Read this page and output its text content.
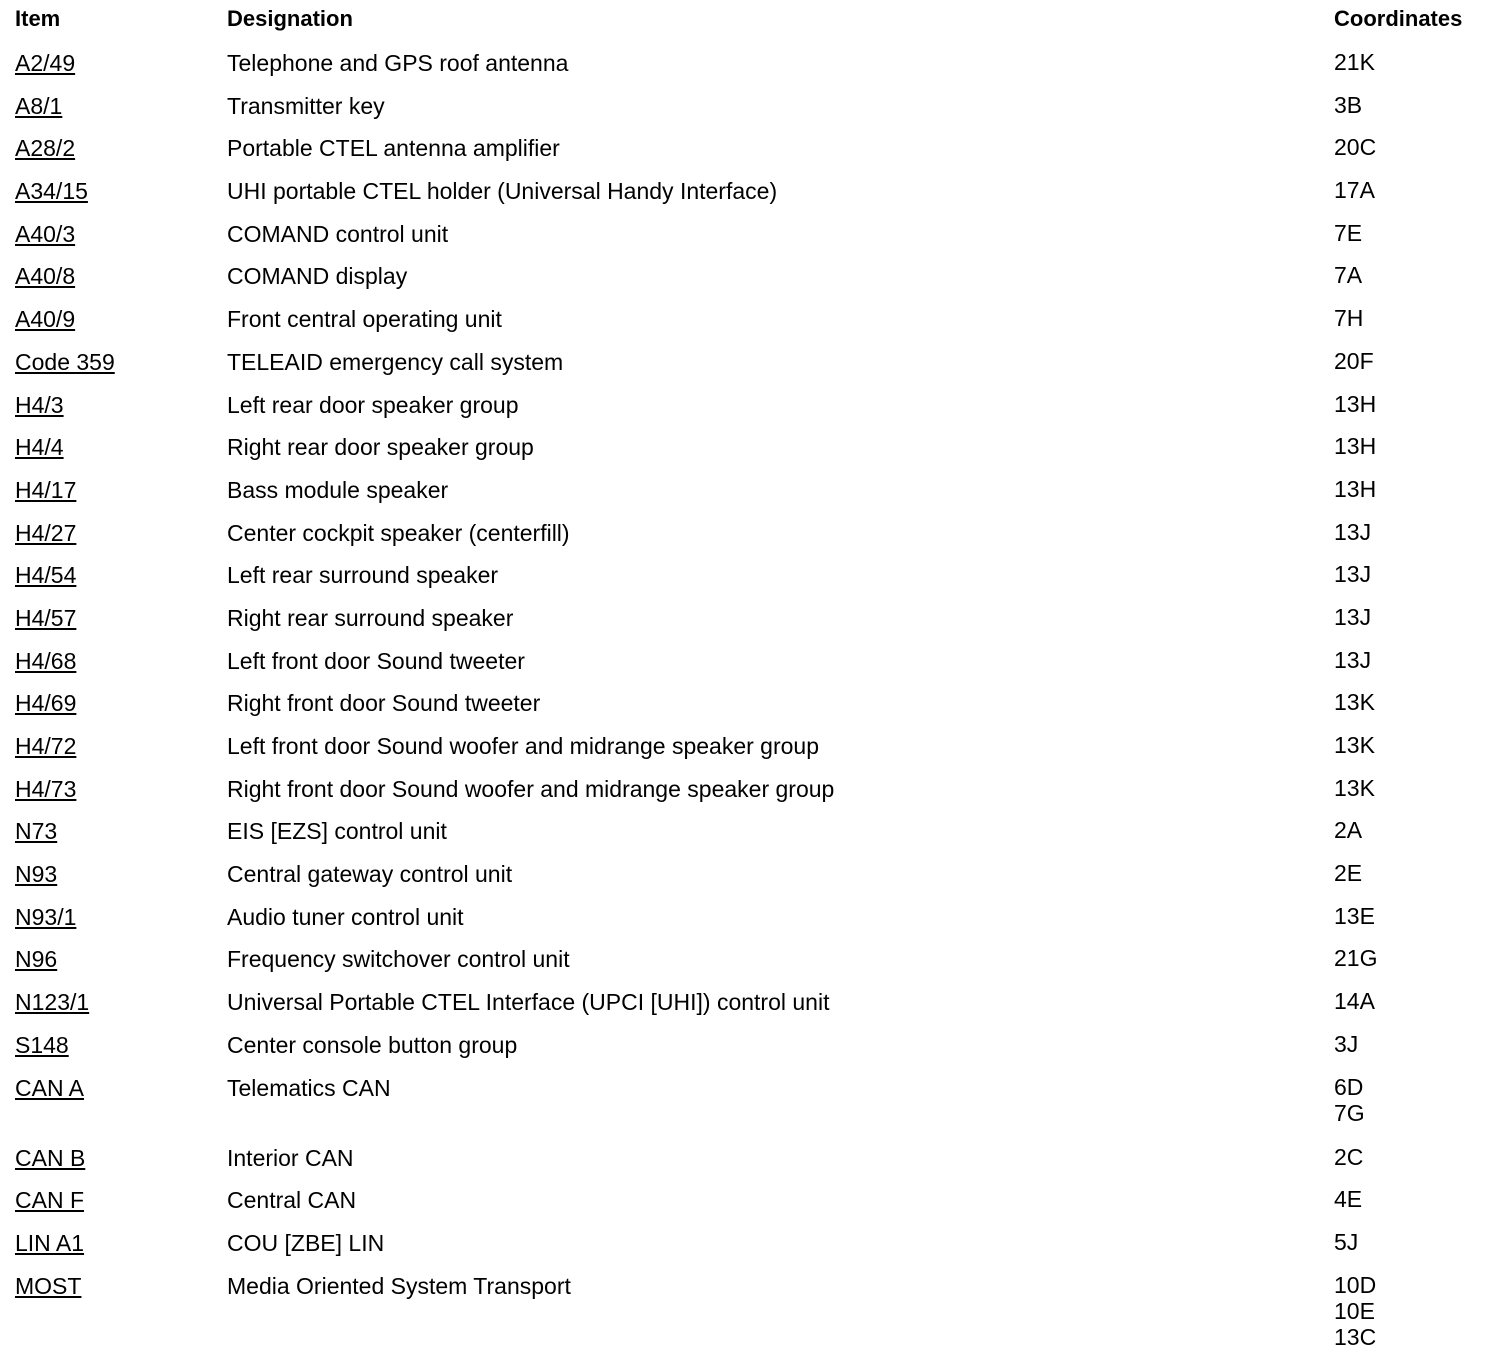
Item	Designation	Coordinates
A2/49	Telephone and GPS roof antenna	21K
A8/1	Transmitter key	3B
A28/2	Portable CTEL antenna amplifier	20C
A34/15	UHI portable CTEL holder (Universal Handy Interface)	17A
A40/3	COMAND control unit	7E
A40/8	COMAND display	7A
A40/9	Front central operating unit	7H
Code 359	TELEAID emergency call system	20F
H4/3	Left rear door speaker group	13H
H4/4	Right rear door speaker group	13H
H4/17	Bass module speaker	13H
H4/27	Center cockpit speaker (centerfill)	13J
H4/54	Left rear surround speaker	13J
H4/57	Right rear surround speaker	13J
H4/68	Left front door Sound tweeter	13J
H4/69	Right front door Sound tweeter	13K
H4/72	Left front door Sound woofer and midrange speaker group	13K
H4/73	Right front door Sound woofer and midrange speaker group	13K
N73	EIS [EZS] control unit	2A
N93	Central gateway control unit	2E
N93/1	Audio tuner control unit	13E
N96	Frequency switchover control unit	21G
N123/1	Universal Portable CTEL Interface (UPCI [UHI]) control unit	14A
S148	Center console button group	3J
CAN A	Telematics CAN	6D
7G
CAN B	Interior CAN	2C
CAN F	Central CAN	4E
LIN A1	COU [ZBE] LIN	5J
MOST	Media Oriented System Transport	10D
10E
13C
